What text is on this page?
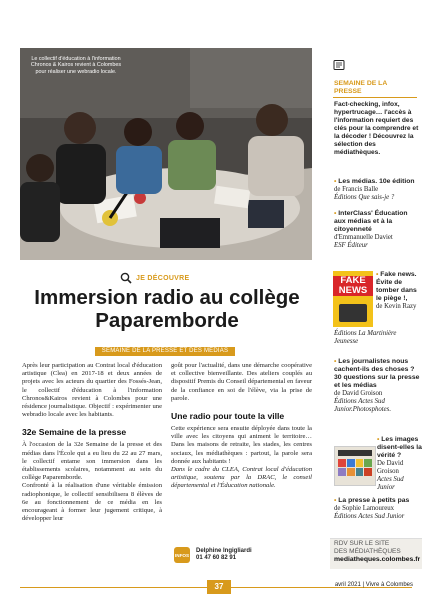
Le collectif d'éducation à l'information Chronos & Kairos revient à Colombes pour réaliser une webradio locale.
JE DÉCOUVRE
Immersion radio au collège
Paparemborde
SEMAINE DE LA PRESSE ET DES MÉDIAS

Après leur participation au Contrat local d'éducation artistique (Clea) en 2017-18 et deux années de projets avec les acteurs du quartier des Fossés-Jean, le collectif d'éducation à l'information Chronos&Kairos revient à Colombes pour une résidence journalistique. Objectif : expérimenter une webradio locale avec les habitants.

32e Semaine de la presse

À l'occasion de la 32e Semaine de la presse et des médias dans l'École qui a eu lieu du 22 au 27 mars, le collectif entame son immersion dans les établissements scolaires, notamment au sein du collège Paparemborde.

Confronté à la réalisation d'une véritable émission radiophonique, le collectif sensibilisera 8 élèves de 6e au fonctionnement de ce média en les encourageant à former leur jugement critique, à développer leur

goût pour l'actualité, dans une démarche coopérative et collective bienveillante. Des ateliers couplés au dispositif Premis du Conseil départemental en faveur de la confiance en soi de l'élève, via la prise de parole.

Une radio pour toute la ville

Cette expérience sera ensuite déployée dans toute la ville avec les citoyens qui animent le territoire… Dans les maisons de retraite, les stades, les centres sociaux, les médiathèques : partout, la parole sera donnée aux habitants !

Dans le cadre du CLEA, Contrat local d'éducation artistique, soutenu par la DRAC, le conseil départemental et l'Éducation nationale.

INFOS
Delphine Ingigliardi
01 47 60 82 91
SEMAINE DE LA
PRESSE
Fact-checking, infox, hypertrucage… l'accès à l'information requiert des clés pour la comprendre et la décoder ! Découvrez la sélection des médiathèques.
• Les médias. 10e édition
de Francis Balle
Éditions Que sais-je ?
• InterClass' Éducation aux médias et à la citoyenneté
d'Emmanuelle Daviet
ESF Éditeur
FAKE
NEWS
• Fake news. Évite de tomber dans le piège !,
de Kevin Razy
Éditions La Martinière Jeunesse
• Les journalistes nous cachent-ils des choses ? 30 questions sur la presse et les médias
de David Groison
Éditions Actes Sud Junior.Photosphotes.
• Les images disent-elles la vérité ?
De David Groison
Actes Sud Junior
• La presse à petits pas
de Sophie Lamoureux
Éditions Actes Sud Junior
RDV SUR LE SITE
DES MÉDIATHÈQUES
mediatheques.colombes.fr
37	avril 2021 | Vivre à Colombes
